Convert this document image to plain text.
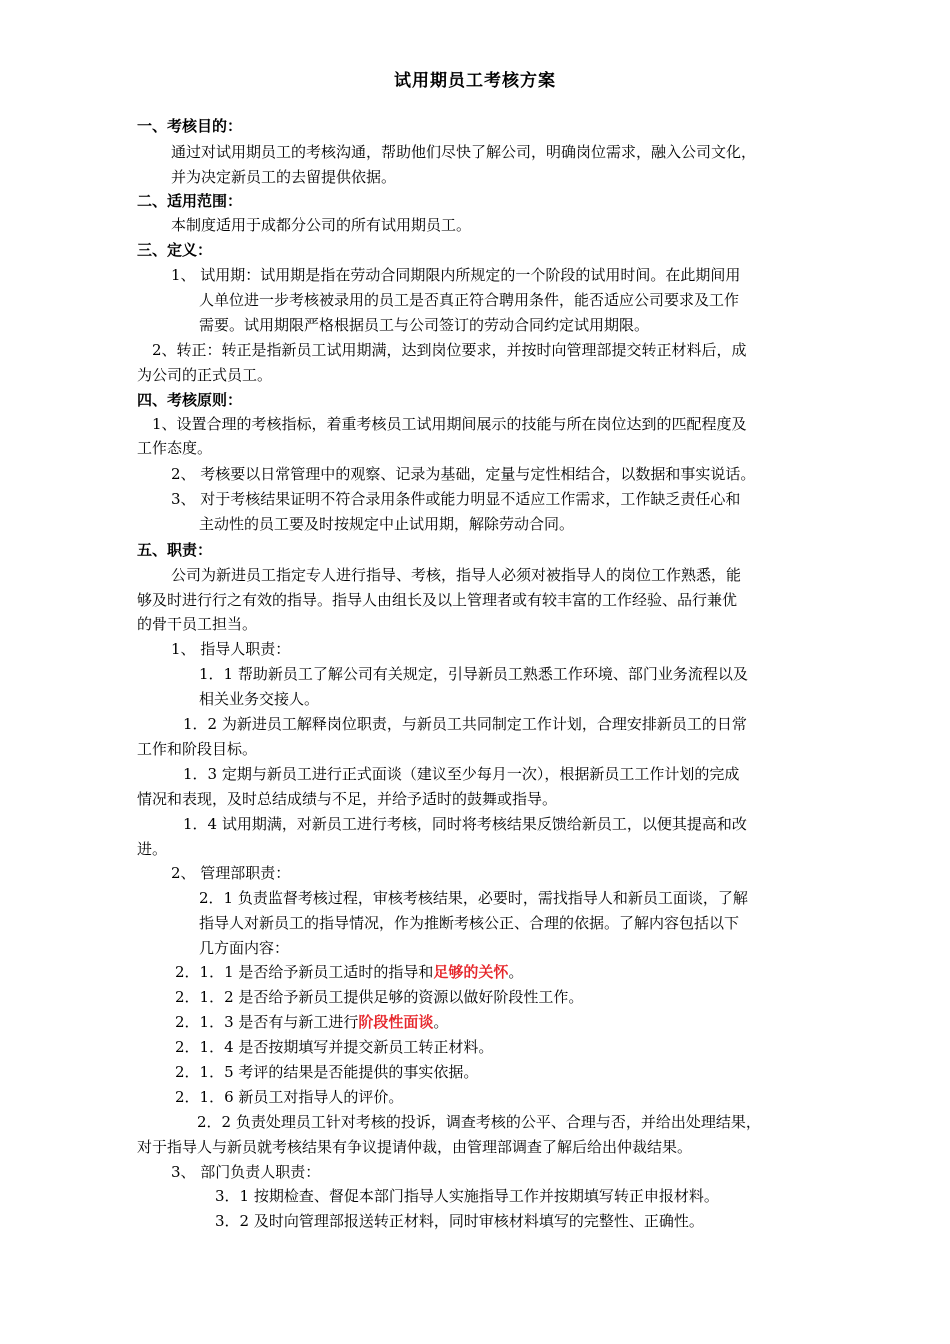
试用期员工考核方案
一、考核目的：
通过对试用期员工的考核沟通，帮助他们尽快了解公司，明确岗位需求，融入公司文化，
并为决定新员工的去留提供依据。
二、适用范围：
本制度适用于成都分公司的所有试用期员工。
三、定义：
1、 试用期：试用期是指在劳动合同期限内所规定的一个阶段的试用时间。在此期间用
人单位进一步考核被录用的员工是否真正符合聘用条件，能否适应公司要求及工作
需要。试用期限严格根据员工与公司签订的劳动合同约定试用期限。
2、转正：转正是指新员工试用期满，达到岗位要求，并按时向管理部提交转正材料后，成
为公司的正式员工。
四、考核原则：
1、设置合理的考核指标，着重考核员工试用期间展示的技能与所在岗位达到的匹配程度及
工作态度。
2、 考核要以日常管理中的观察、记录为基础，定量与定性相结合，以数据和事实说话。
3、 对于考核结果证明不符合录用条件或能力明显不适应工作需求，工作缺乏责任心和
主动性的员工要及时按规定中止试用期，解除劳动合同。
五、职责：
公司为新进员工指定专人进行指导、考核，指导人必须对被指导人的岗位工作熟悉，能
够及时进行行之有效的指导。指导人由组长及以上管理者或有较丰富的工作经验、品行兼优
的骨干员工担当。
1、 指导人职责：
1．1 帮助新员工了解公司有关规定，引导新员工熟悉工作环境、部门业务流程以及
相关业务交接人。
1．2 为新进员工解释岗位职责，与新员工共同制定工作计划，合理安排新员工的日常
工作和阶段目标。
1．3 定期与新员工进行正式面谈（建议至少每月一次），根据新员工工作计划的完成
情况和表现，及时总结成绩与不足，并给予适时的鼓舞或指导。
1．4 试用期满，对新员工进行考核，同时将考核结果反馈给新员工，以便其提高和改
进。
2、 管理部职责：
2．1 负责监督考核过程，审核考核结果，必要时，需找指导人和新员工面谈，了解
指导人对新员工的指导情况，作为推断考核公正、合理的依据。了解内容包括以下
几方面内容：
2．1．1 是否给予新员工适时的指导和足够的关怀。
2．1．2 是否给予新员工提供足够的资源以做好阶段性工作。
2．1．3 是否有与新工进行阶段性面谈。
2．1．4 是否按期填写并提交新员工转正材料。
2．1．5 考评的结果是否能提供的事实依据。
2．1．6 新员工对指导人的评价。
2．2 负责处理员工针对考核的投诉，调查考核的公平、合理与否，并给出处理结果，
对于指导人与新员就考核结果有争议提请仲裁，由管理部调查了解后给出仲裁结果。
3、 部门负责人职责：
3．1 按期检查、督促本部门指导人实施指导工作并按期填写转正申报材料。
3．2 及时向管理部报送转正材料，同时审核材料填写的完整性、正确性。
